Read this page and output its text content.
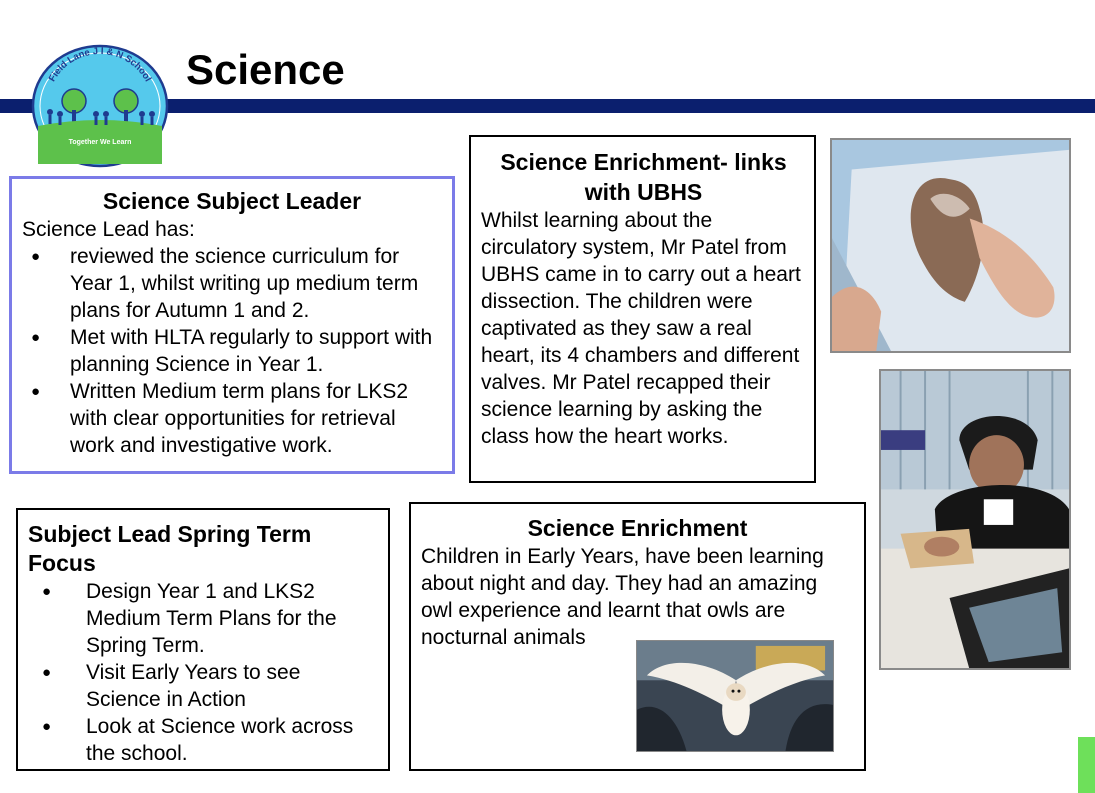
Science
Field Lane J I & N School
Together We Learn
Science Subject Leader

Science Lead has:

● reviewed the science curriculum for Year 1, whilst writing up medium term plans for Autumn 1 and 2.
● Met with HLTA regularly to support with planning Science in Year 1.
● Written Medium term plans for LKS2 with clear opportunities for retrieval work and investigative work.
Subject Lead Spring Term Focus
● Design Year 1 and LKS2 Medium Term Plans for the Spring Term.
● Visit Early Years to see Science in Action
● Look at Science work across the school.
Science Enrichment- links with UBHS

Whilst learning about the circulatory system, Mr Patel from UBHS came in to carry out a heart dissection. The children were captivated as they saw a real heart, its 4 chambers and different valves. Mr Patel recapped their science learning by asking the class how the heart works.

Science Enrichment

Children in Early Years, have been learning about night and day. They had an amazing owl experience and learnt that owls are nocturnal animals
